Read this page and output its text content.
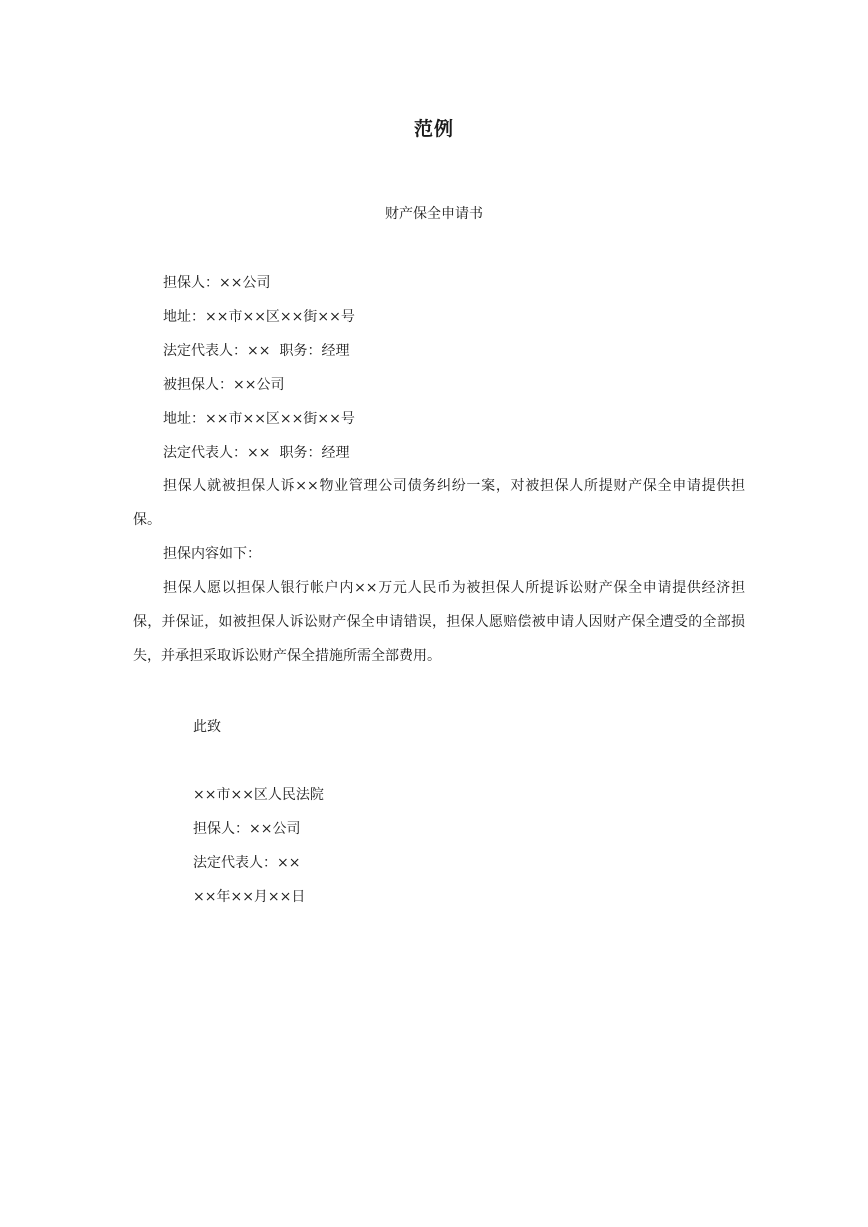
范例
财产保全申请书
担保人：××公司
地址：××市××区××街××号
法定代表人：×× 职务：经理
被担保人：××公司
地址：××市××区××街××号
法定代表人：×× 职务：经理
担保人就被担保人诉××物业管理公司债务纠纷一案，对被担保人所提财产保全申请提供担保。
担保内容如下：
担保人愿以担保人银行帐户内××万元人民币为被担保人所提诉讼财产保全申请提供经济担保，并保证，如被担保人诉讼财产保全申请错误，担保人愿赔偿被申请人因财产保全遭受的全部损失，并承担采取诉讼财产保全措施所需全部费用。
此致
××市××区人民法院
担保人：××公司
法定代表人：××
××年××月××日
